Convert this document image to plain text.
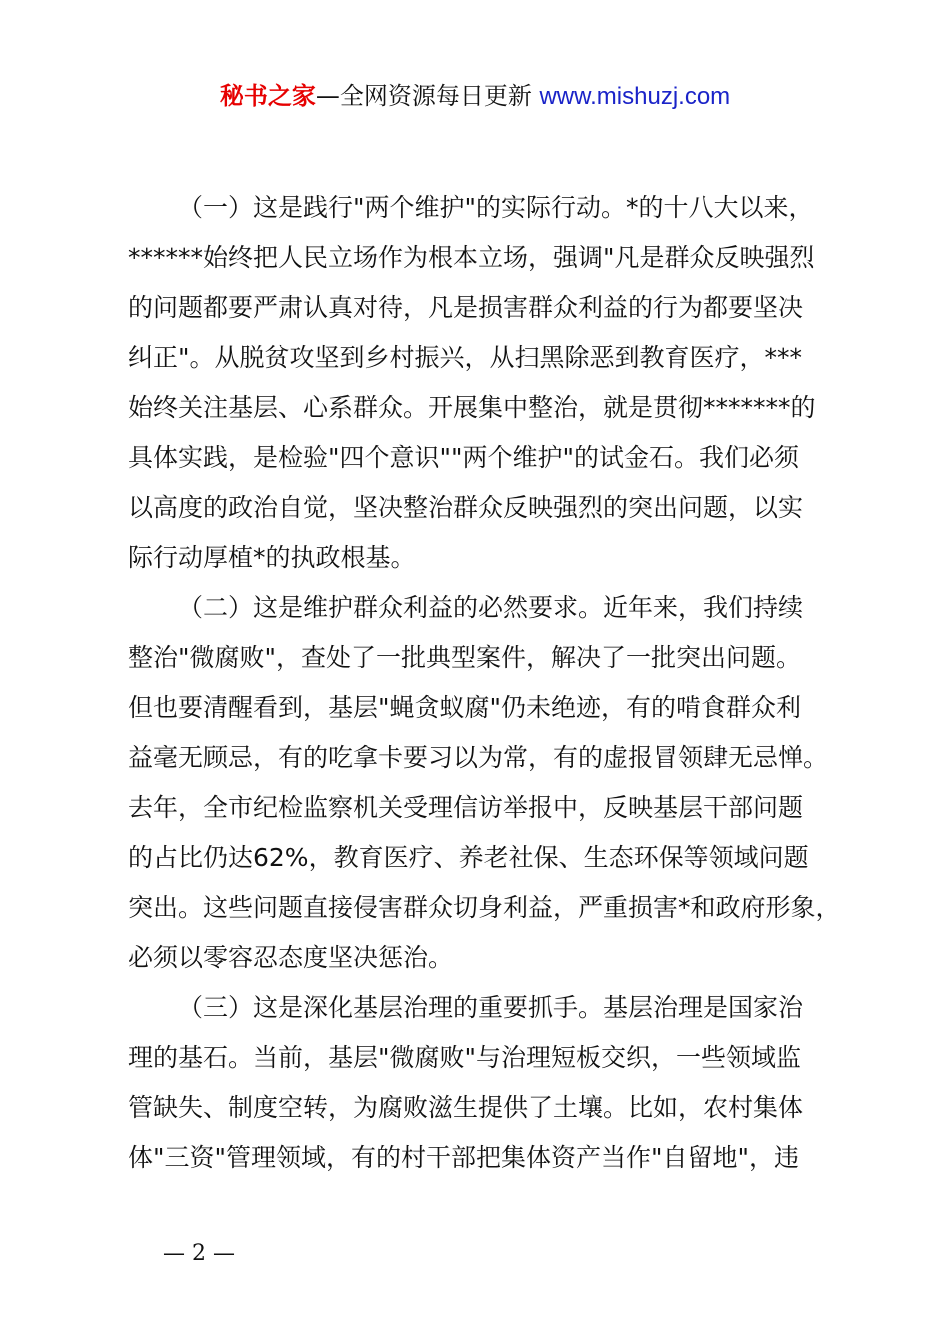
秘书之家—全网资源每日更新 www.mishuzj.com
（一）这是践行"两个维护"的实际行动。*的十八大以来，
******始终把人民立场作为根本立场，强调"凡是群众反映强烈
的问题都要严肃认真对待，凡是损害群众利益的行为都要坚决
纠正"。从脱贫攻坚到乡村振兴，从扫黑除恶到教育医疗，***
始终关注基层、心系群众。开展集中整治，就是贯彻*******的
具体实践，是检验"四个意识""两个维护"的试金石。我们必须
以高度的政治自觉，坚决整治群众反映强烈的突出问题，以实
际行动厚植*的执政根基。
（二）这是维护群众利益的必然要求。近年来，我们持续
整治"微腐败"，查处了一批典型案件，解决了一批突出问题。
但也要清醒看到，基层"蝇贪蚁腐"仍未绝迹，有的啃食群众利
益毫无顾忌，有的吃拿卡要习以为常，有的虚报冒领肆无忌惮。
去年，全市纪检监察机关受理信访举报中，反映基层干部问题
的占比仍达62%，教育医疗、养老社保、生态环保等领域问题
突出。这些问题直接侵害群众切身利益，严重损害*和政府形象，
必须以零容忍态度坚决惩治。
（三）这是深化基层治理的重要抓手。基层治理是国家治
理的基石。当前，基层"微腐败"与治理短板交织，一些领域监
管缺失、制度空转，为腐败滋生提供了土壤。比如，农村集体
体"三资"管理领域，有的村干部把集体资产当作"自留地"，违
— 2 —
